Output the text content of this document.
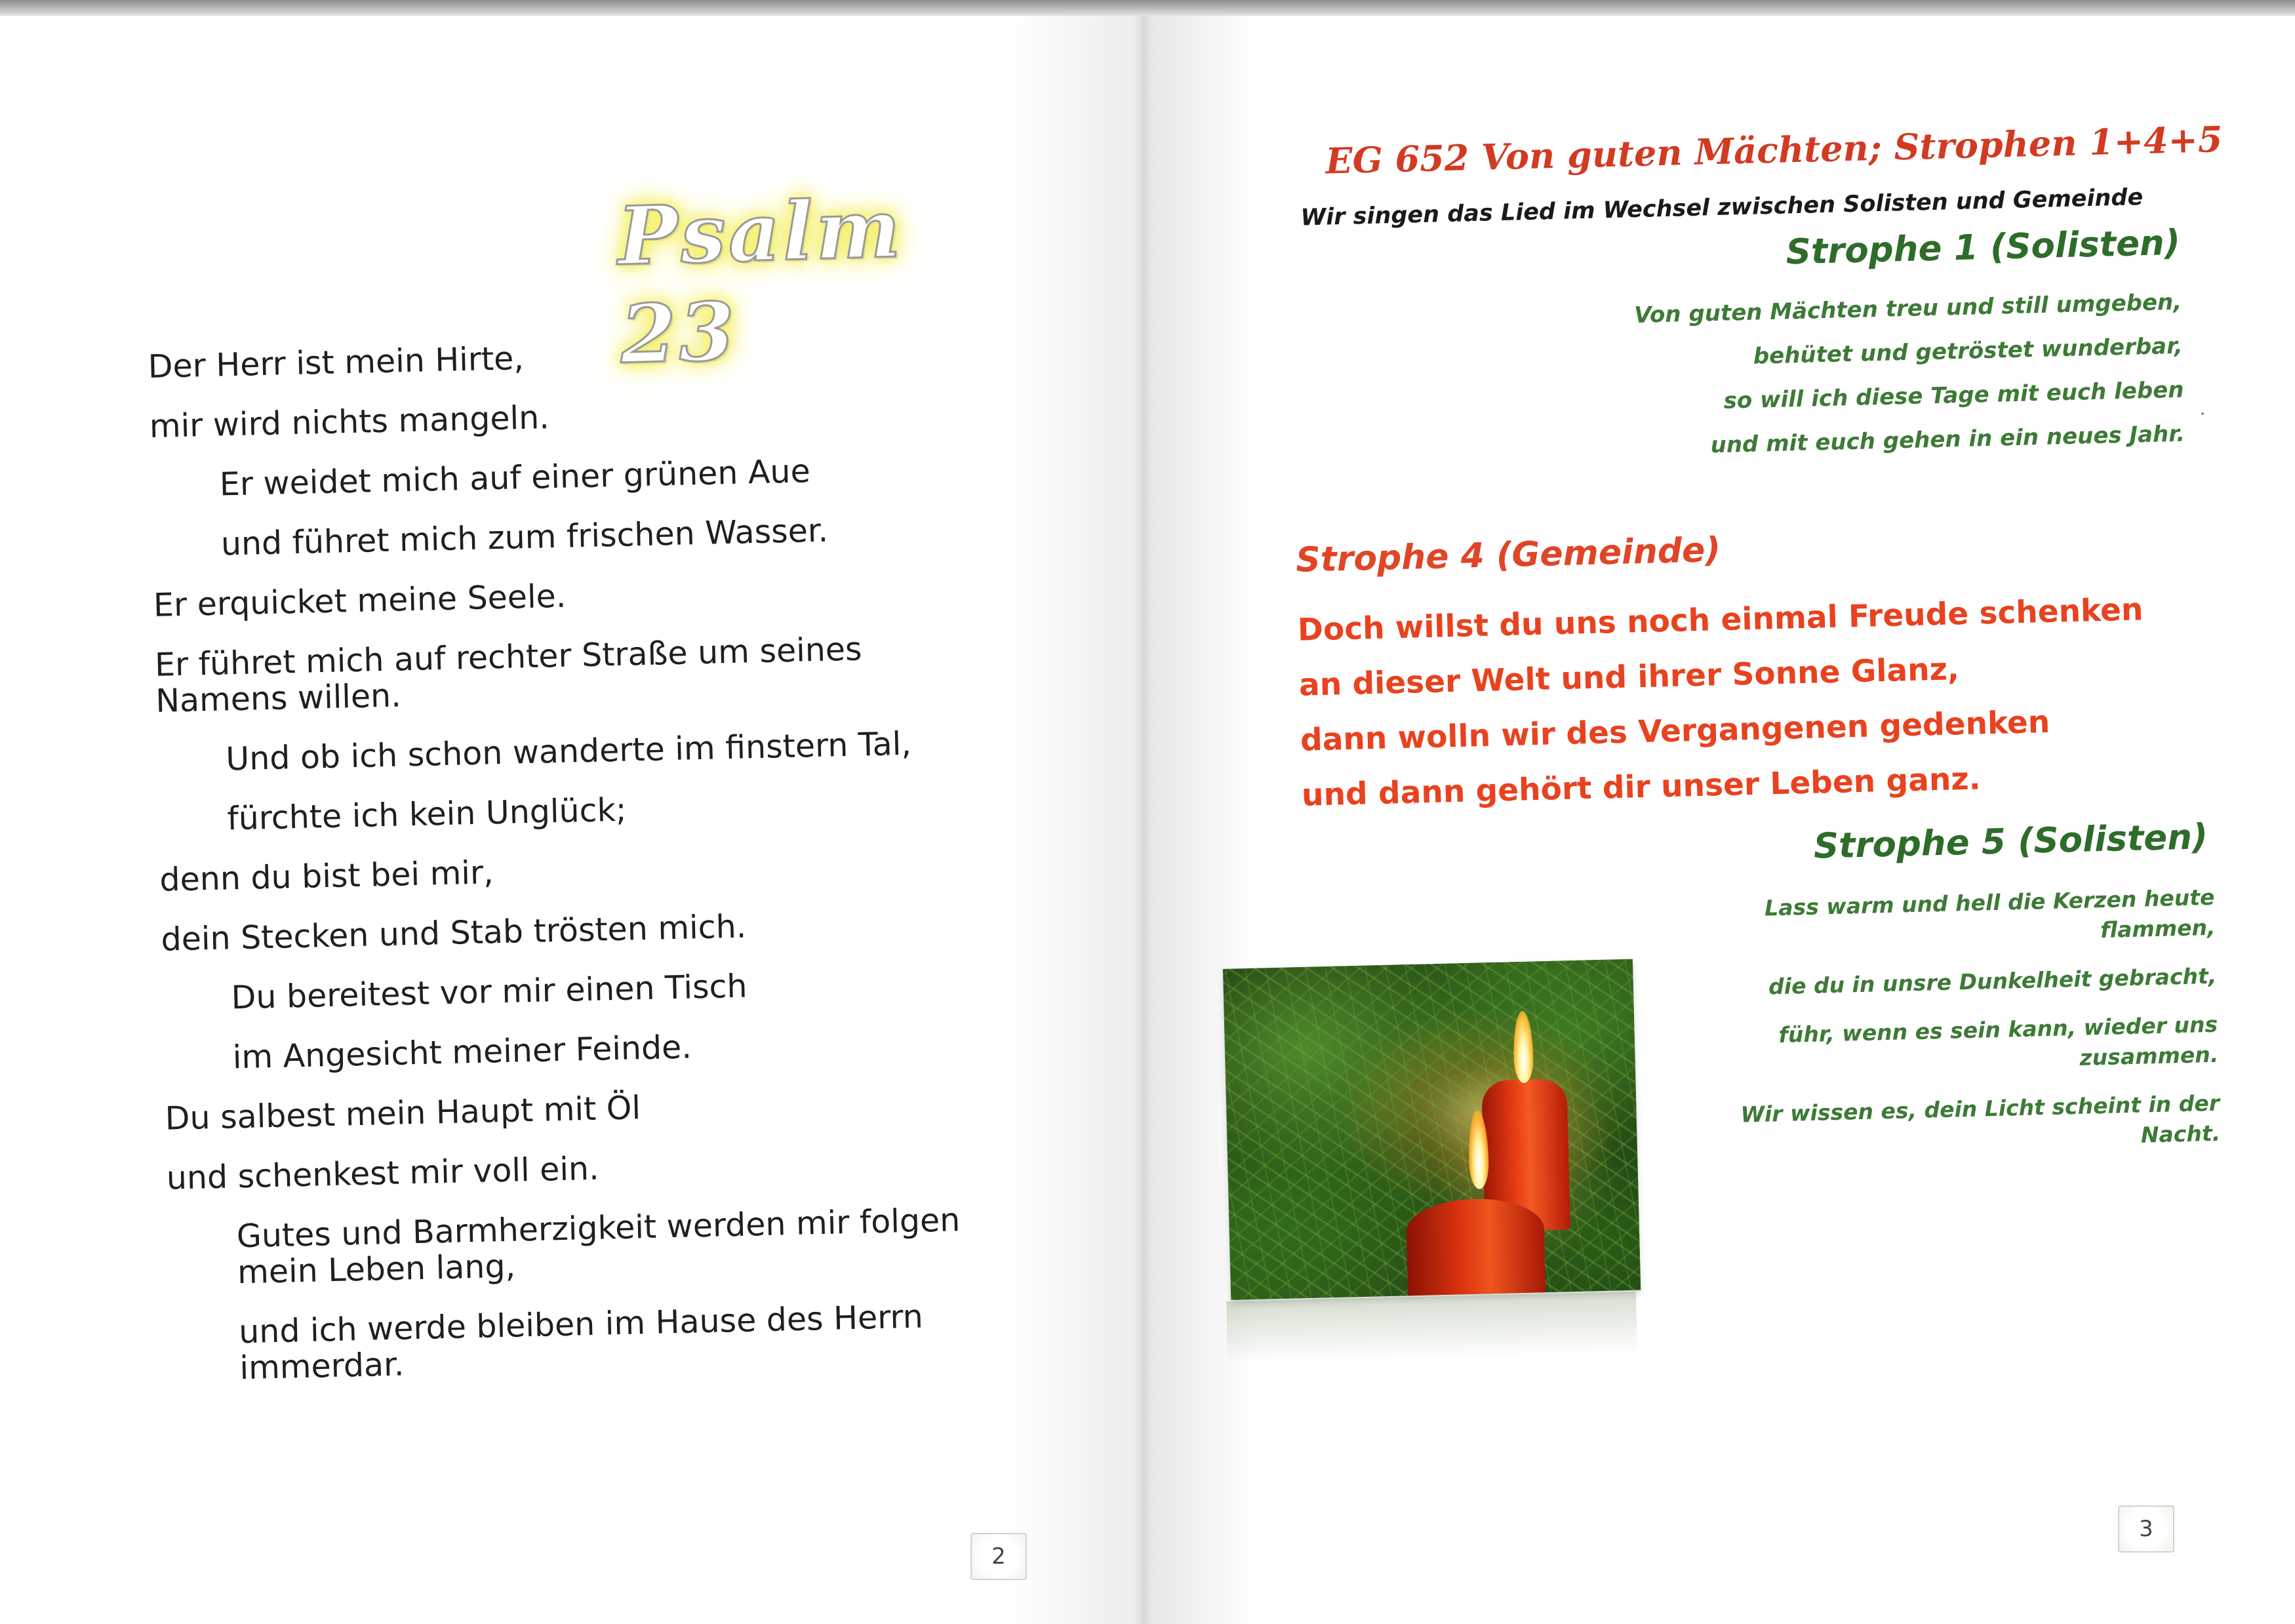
Psalm 23

Der Herr ist mein Hirte,

mir wird nichts mangeln.

Er weidet mich auf einer grünen Aue

und führet mich zum frischen Wasser.

Er erquicket meine Seele.

Er führet mich auf rechter Straße um seines

Namens willen.

Und ob ich schon wanderte im finstern Tal,

fürchte ich kein Unglück;

denn du bist bei mir,

dein Stecken und Stab trösten mich.

Du bereitest vor mir einen Tisch

im Angesicht meiner Feinde.

Du salbest mein Haupt mit Öl

und schenkest mir voll ein.

Gutes und Barmherzigkeit werden mir folgen

mein Leben lang,

und ich werde bleiben im Hause des Herrn

immerdar.

2
EG 652 Von guten Mächten; Strophen 1+4+5
Wir singen das Lied im Wechsel zwischen Solisten und Gemeinde
Strophe 1 (Solisten)

Von guten Mächten treu und still umgeben,

behütet und getröstet wunderbar,

so will ich diese Tage mit euch leben

und mit euch gehen in ein neues Jahr.

Strophe 4 (Gemeinde)

Doch willst du uns noch einmal Freude schenken

an dieser Welt und ihrer Sonne Glanz,

dann wolln wir des Vergangenen gedenken

und dann gehört dir unser Leben ganz.

Strophe 5 (Solisten)

Lass warm und hell die Kerzen heute flammen,

die du in unsre Dunkelheit gebracht,

führ, wenn es sein kann, wieder uns zusammen.

Wir wissen es, dein Licht scheint in der Nacht.

3
